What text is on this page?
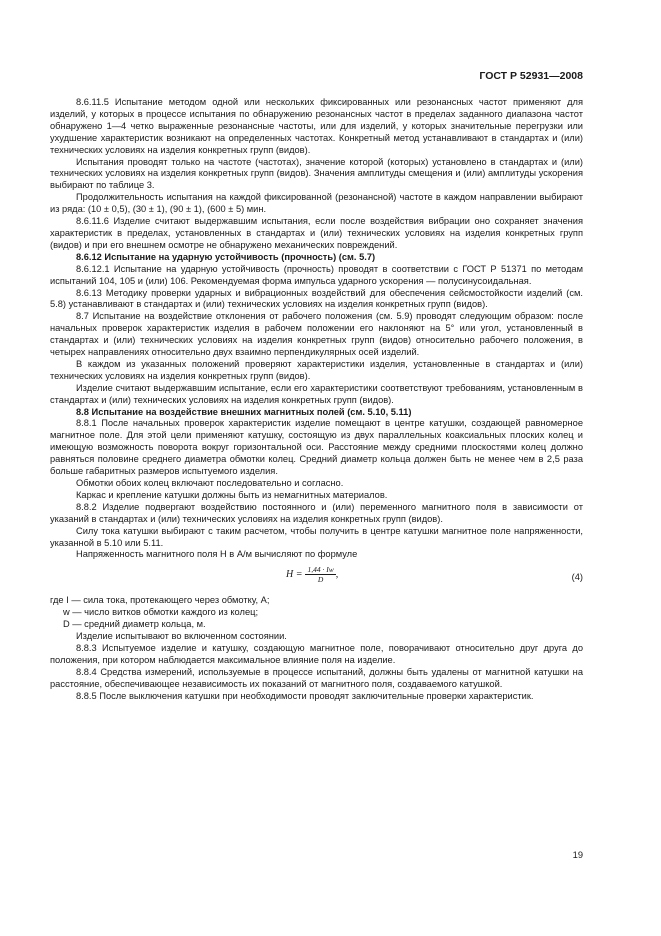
ГОСТ Р 52931—2008

8.6.11.5 Испытание методом одной или нескольких фиксированных или резонансных частот применяют для изделий, у которых в процессе испытания по обнаружению резонансных частот в пределах заданного диапазона частот обнаружено 1—4 четко выраженные резонансные частоты, или для изделий, у которых значительные перегрузки или ухудшение характеристик возникают на определенных частотах. Конкретный метод устанавливают в стандартах и (или) технических условиях на изделия конкретных групп (видов).

Испытания проводят только на частоте (частотах), значение которой (которых) установлено в стандартах и (или) технических условиях на изделия конкретных групп (видов). Значения амплитуды смещения и (или) амплитуды ускорения выбирают по таблице 3.

Продолжительность испытания на каждой фиксированной (резонансной) частоте в каждом направлении выбирают из ряда: (10 ± 0,5), (30 ± 1), (90 ± 1), (600 ± 5) мин.

8.6.11.6 Изделие считают выдержавшим испытания, если после воздействия вибрации оно сохраняет значения характеристик в пределах, установленных в стандартах и (или) технических условиях на изделия конкретных групп (видов) и при его внешнем осмотре не обнаружено механических повреждений.

8.6.12 Испытание на ударную устойчивость (прочность) (см. 5.7)

8.6.12.1 Испытание на ударную устойчивость (прочность) проводят в соответствии с ГОСТ Р 51371 по методам испытаний 104, 105 и (или) 106. Рекомендуемая форма импульса ударного ускорения — полусинусоидальная.

8.6.13 Методику проверки ударных и вибрационных воздействий для обеспечения сейсмостойкости изделий (см. 5.8) устанавливают в стандартах и (или) технических условиях на изделия конкретных групп (видов).

8.7 Испытание на воздействие отклонения от рабочего положения (см. 5.9) проводят следующим образом: после начальных проверок характеристик изделия в рабочем положении его наклоняют на 5° или угол, установленный в стандартах и (или) технических условиях на изделия конкретных групп (видов) относительно рабочего положения, в четырех направлениях относительно двух взаимно перпендикулярных осей изделий.

В каждом из указанных положений проверяют характеристики изделия, установленные в стандартах и (или) технических условиях на изделия конкретных групп (видов).

Изделие считают выдержавшим испытание, если его характеристики соответствуют требованиям, установленным в стандартах и (или) технических условиях на изделия конкретных групп (видов).

8.8 Испытание на воздействие внешних магнитных полей (см. 5.10, 5.11)

8.8.1 После начальных проверок характеристик изделие помещают в центре катушки, создающей равномерное магнитное поле. Для этой цели применяют катушку, состоящую из двух параллельных коаксиальных плоских колец и имеющую возможность поворота вокруг горизонтальной оси. Расстояние между средними плоскостями колец должно равняться половине среднего диаметра обмотки колец. Средний диаметр кольца должен быть не менее чем в 2,5 раза больше габаритных размеров испытуемого изделия.

Обмотки обоих колец включают последовательно и согласно.

Каркас и крепление катушки должны быть из немагнитных материалов.

8.8.2 Изделие подвергают воздействию постоянного и (или) переменного магнитного поля в зависимости от указаний в стандартах и (или) технических условиях на изделия конкретных групп (видов).

Силу тока катушки выбирают с таким расчетом, чтобы получить в центре катушки магнитное поле напряженности, указанной в 5.10 или 5.11.

Напряженность магнитного поля H в А/м вычисляют по формуле

$H = \frac{1,44 \cdot Iw}{D}$ ,	(4)

где I — сила тока, протекающего через обмотку, А;

w — число витков обмотки каждого из колец;

D — средний диаметр кольца, м.

Изделие испытывают во включенном состоянии.

8.8.3 Испытуемое изделие и катушку, создающую магнитное поле, поворачивают относительно друг друга до положения, при котором наблюдается максимальное влияние поля на изделие.

8.8.4 Средства измерений, используемые в процессе испытаний, должны быть удалены от магнитной катушки на расстояние, обеспечивающее независимость их показаний от магнитного поля, создаваемого катушкой.

8.8.5 После выключения катушки при необходимости проводят заключительные проверки характеристик.

19
